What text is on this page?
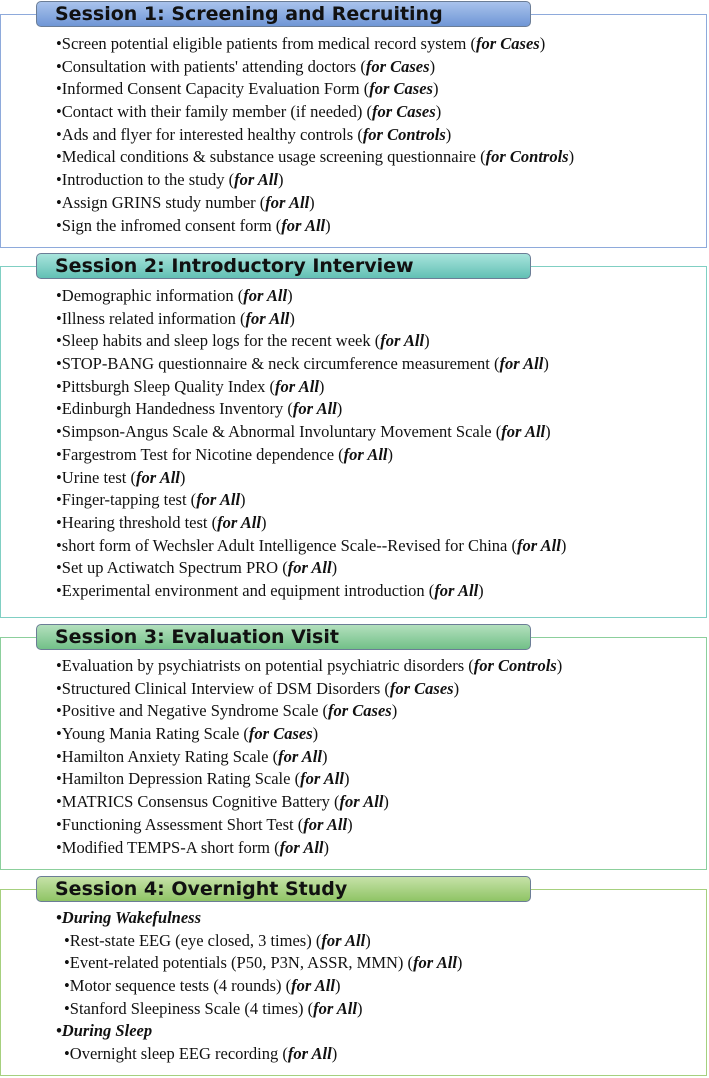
• Screen potential eligible patients from medical record system (for Cases)
• Consultation with patients' attending doctors (for Cases)
• Informed Consent Capacity Evaluation Form (for Cases)
• Contact with their family member (if needed) (for Cases)
• Ads and flyer for interested healthy controls (for Controls)
• Medical conditions & substance usage screening questionnaire (for Controls)
• Introduction to the study (for All)
• Assign GRINS study number (for All)
• Sign the infromed consent form (for All)
Session 1: Screening and Recruiting
• Demographic information (for All)
• Illness related information (for All)
• Sleep habits and sleep logs for the recent week (for All)
• STOP-BANG questionnaire & neck circumference measurement (for All)
• Pittsburgh Sleep Quality Index (for All)
• Edinburgh Handedness Inventory (for All)
• Simpson-Angus Scale & Abnormal Involuntary Movement Scale (for All)
• Fargestrom Test for Nicotine dependence (for All)
• Urine test (for All)
• Finger-tapping test (for All)
• Hearing threshold test (for All)
• short form of Wechsler Adult Intelligence Scale--Revised for China (for All)
• Set up Actiwatch Spectrum PRO (for All)
• Experimental environment and equipment introduction (for All)
Session 2: Introductory Interview
• Evaluation by psychiatrists on potential psychiatric disorders (for Controls)
• Structured Clinical Interview of DSM Disorders (for Cases)
• Positive and Negative Syndrome Scale (for Cases)
• Young Mania Rating Scale (for Cases)
• Hamilton Anxiety Rating Scale (for All)
• Hamilton Depression Rating Scale (for All)
• MATRICS Consensus Cognitive Battery (for All)
• Functioning Assessment Short Test (for All)
• Modified TEMPS-A short form (for All)
Session 3: Evaluation Visit
• During Wakefulness
• Rest-state EEG (eye closed, 3 times) (for All)
• Event-related potentials (P50, P3N, ASSR, MMN) (for All)
• Motor sequence tests (4 rounds) (for All)
• Stanford Sleepiness Scale (4 times) (for All)
• During Sleep
• Overnight sleep EEG recording (for All)
Session 4: Overnight Study
